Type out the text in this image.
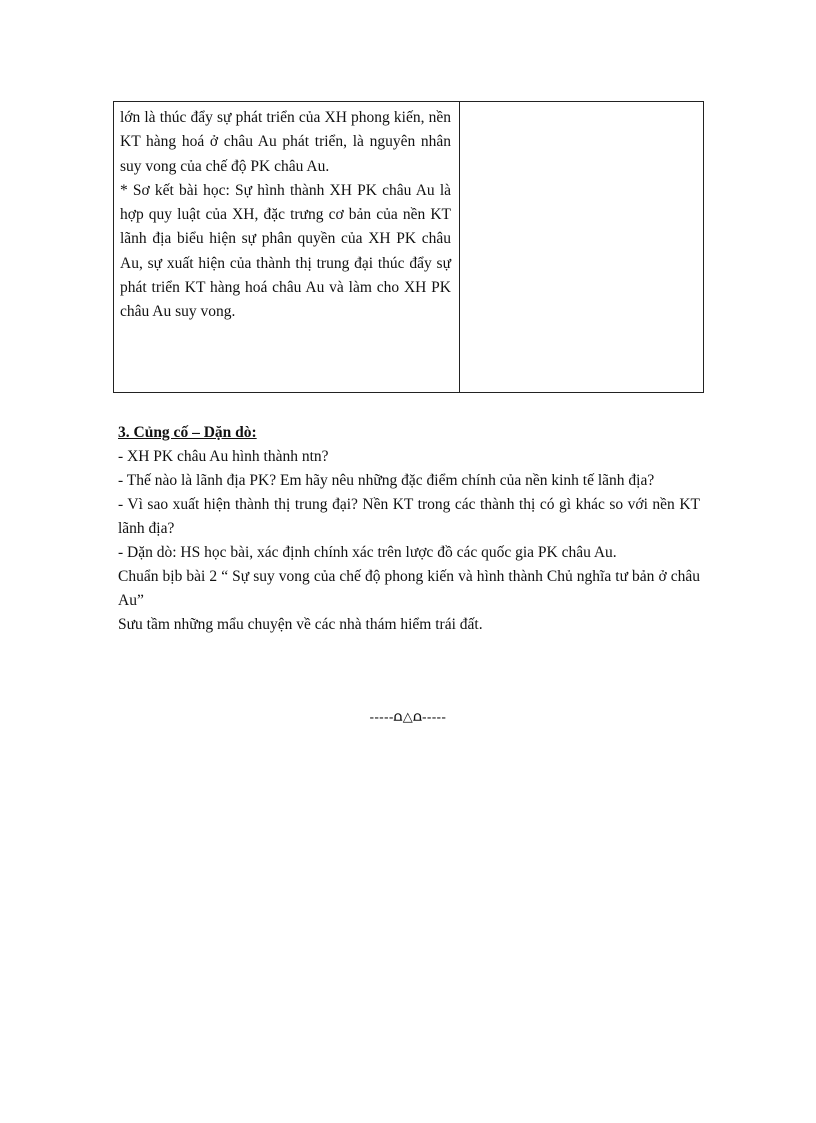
lớn là thúc đẩy sự phát triển của XH phong kiến, nền KT hàng hoá ở châu Au phát triển, là nguyên nhân suy vong của chế độ PK châu Au.

* Sơ kết bài học: Sự hình thành XH PK châu Au là hợp quy luật của XH, đặc trưng cơ bản của nền KT lãnh địa biểu hiện sự phân quyền của XH PK châu Au, sự xuất hiện của thành thị trung đại thúc đẩy sự phát triển KT hàng hoá châu Au và làm cho XH PK châu Au suy vong.

3. Củng cố – Dặn dò:

- XH PK châu Au hình thành ntn?

- Thế nào là lãnh địa PK? Em hãy nêu những đặc điểm chính của nền kinh tế lãnh địa?

- Vì sao xuất hiện thành thị trung đại? Nền KT trong các thành thị có gì khác so với nền KT lãnh địa?

- Dặn dò: HS học bài, xác định chính xác trên lược đồ các quốc gia PK châu Au.

Chuẩn bịb bài 2 “ Sự suy vong của chế độ phong kiến và hình thành Chủ nghĩa tư bản ở châu Au”

Sưu tầm những mẩu chuyện về các nhà thám hiểm trái đất.

-----⩍△⩍-----
